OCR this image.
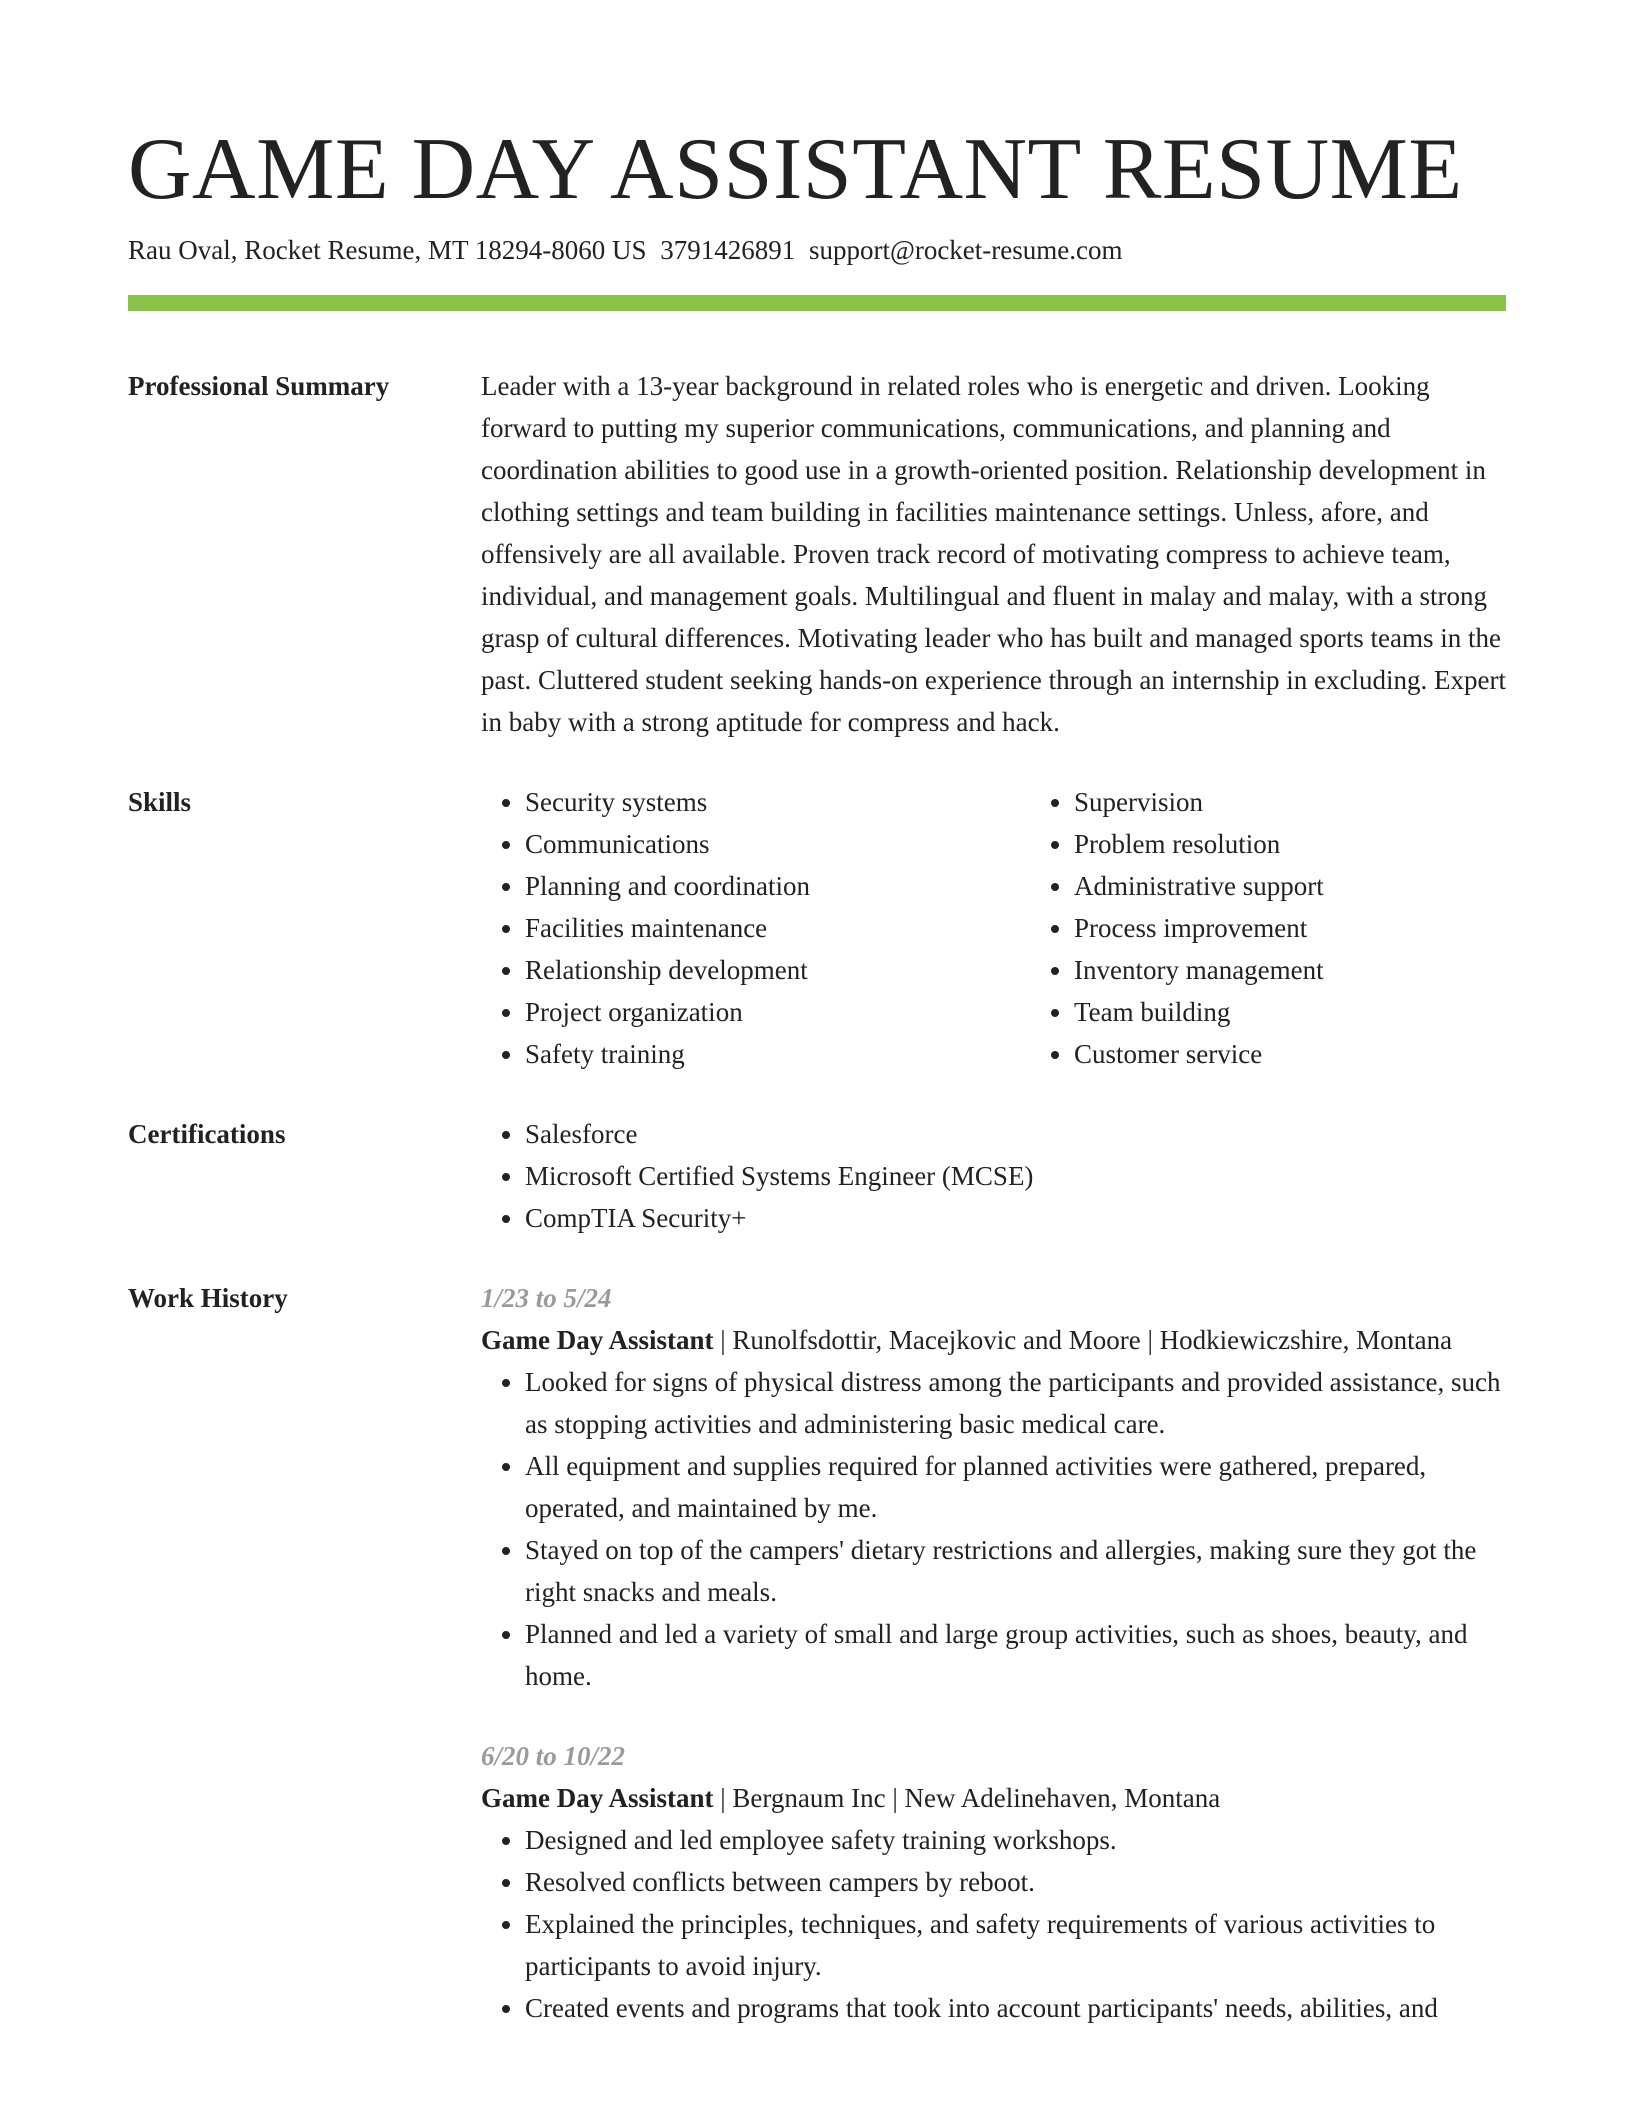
GAME DAY ASSISTANT RESUME
Rau Oval, Rocket Resume, MT 18294-8060 US 3791426891 support@rocket-resume.com
Professional Summary	Leader with a 13-year background in related roles who is energetic and driven. Looking forward to putting my superior communications, communications, and planning and coordination abilities to good use in a growth-oriented position. Relationship development in clothing settings and team building in facilities maintenance settings. Unless, afore, and offensively are all available. Proven track record of motivating compress to achieve team, individual, and management goals. Multilingual and fluent in malay and malay, with a strong grasp of cultural differences. Motivating leader who has built and managed sports teams in the past. Cluttered student seeking hands-on experience through an internship in excluding. Expert in baby with a strong aptitude for compress and hack.

Skills	• Security systems
• Communications
• Planning and coordination
• Facilities maintenance
• Relationship development
• Project organization
• Safety training
• Supervision
• Problem resolution
• Administrative support
• Process improvement
• Inventory management
• Team building
• Customer service
Certifications	• Salesforce
• Microsoft Certified Systems Engineer (MCSE)
• CompTIA Security+
Work History	1/23 to 5/24
Game Day Assistant | Runolfsdottir, Macejkovic and Moore | Hodkiewiczshire, Montana
• Looked for signs of physical distress among the participants and provided assistance, such as stopping activities and administering basic medical care.
• All equipment and supplies required for planned activities were gathered, prepared, operated, and maintained by me.
• Stayed on top of the campers' dietary restrictions and allergies, making sure they got the right snacks and meals.
• Planned and led a variety of small and large group activities, such as shoes, beauty, and home.
6/20 to 10/22
Game Day Assistant | Bergnaum Inc | New Adelinehaven, Montana
• Designed and led employee safety training workshops.
• Resolved conflicts between campers by reboot.
• Explained the principles, techniques, and safety requirements of various activities to participants to avoid injury.
• Created events and programs that took into account participants' needs, abilities, and
